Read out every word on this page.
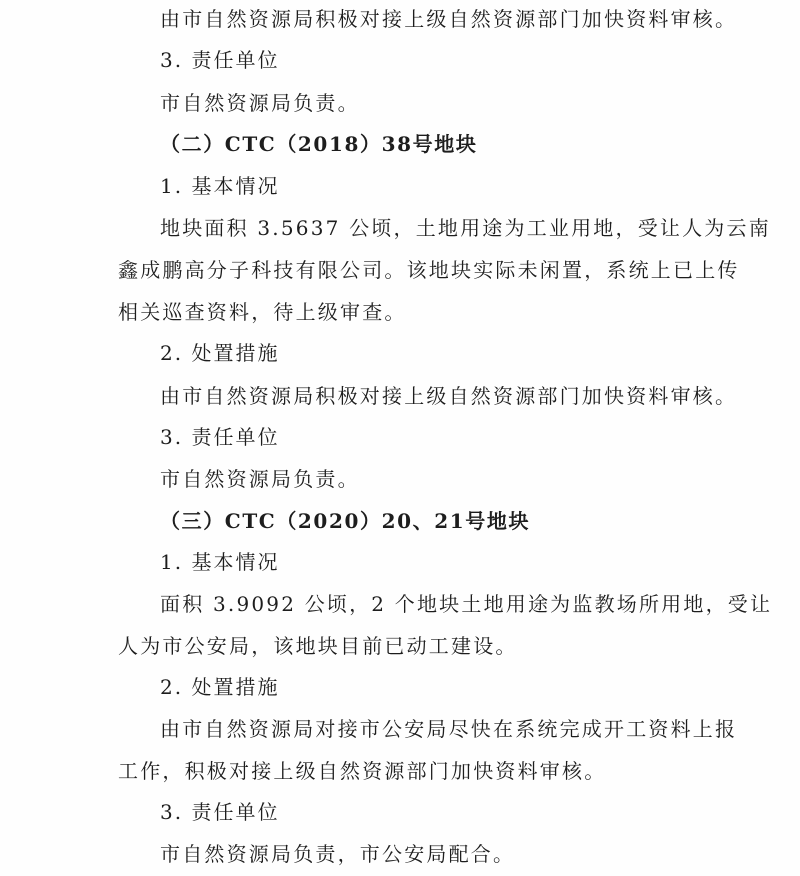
由市自然资源局积极对接上级自然资源部门加快资料审核。
3. 责任单位
市自然资源局负责。
（二）CTC（2018）38号地块
1. 基本情况
地块面积 3.5637 公顷，土地用途为工业用地，受让人为云南
鑫成鹏高分子科技有限公司。该地块实际未闲置，系统上已上传
相关巡查资料，待上级审查。
2. 处置措施
由市自然资源局积极对接上级自然资源部门加快资料审核。
3. 责任单位
市自然资源局负责。
（三）CTC（2020）20、21号地块
1. 基本情况
面积 3.9092 公顷，2 个地块土地用途为监教场所用地，受让
人为市公安局，该地块目前已动工建设。
2. 处置措施
由市自然资源局对接市公安局尽快在系统完成开工资料上报
工作，积极对接上级自然资源部门加快资料审核。
3. 责任单位
市自然资源局负责，市公安局配合。
